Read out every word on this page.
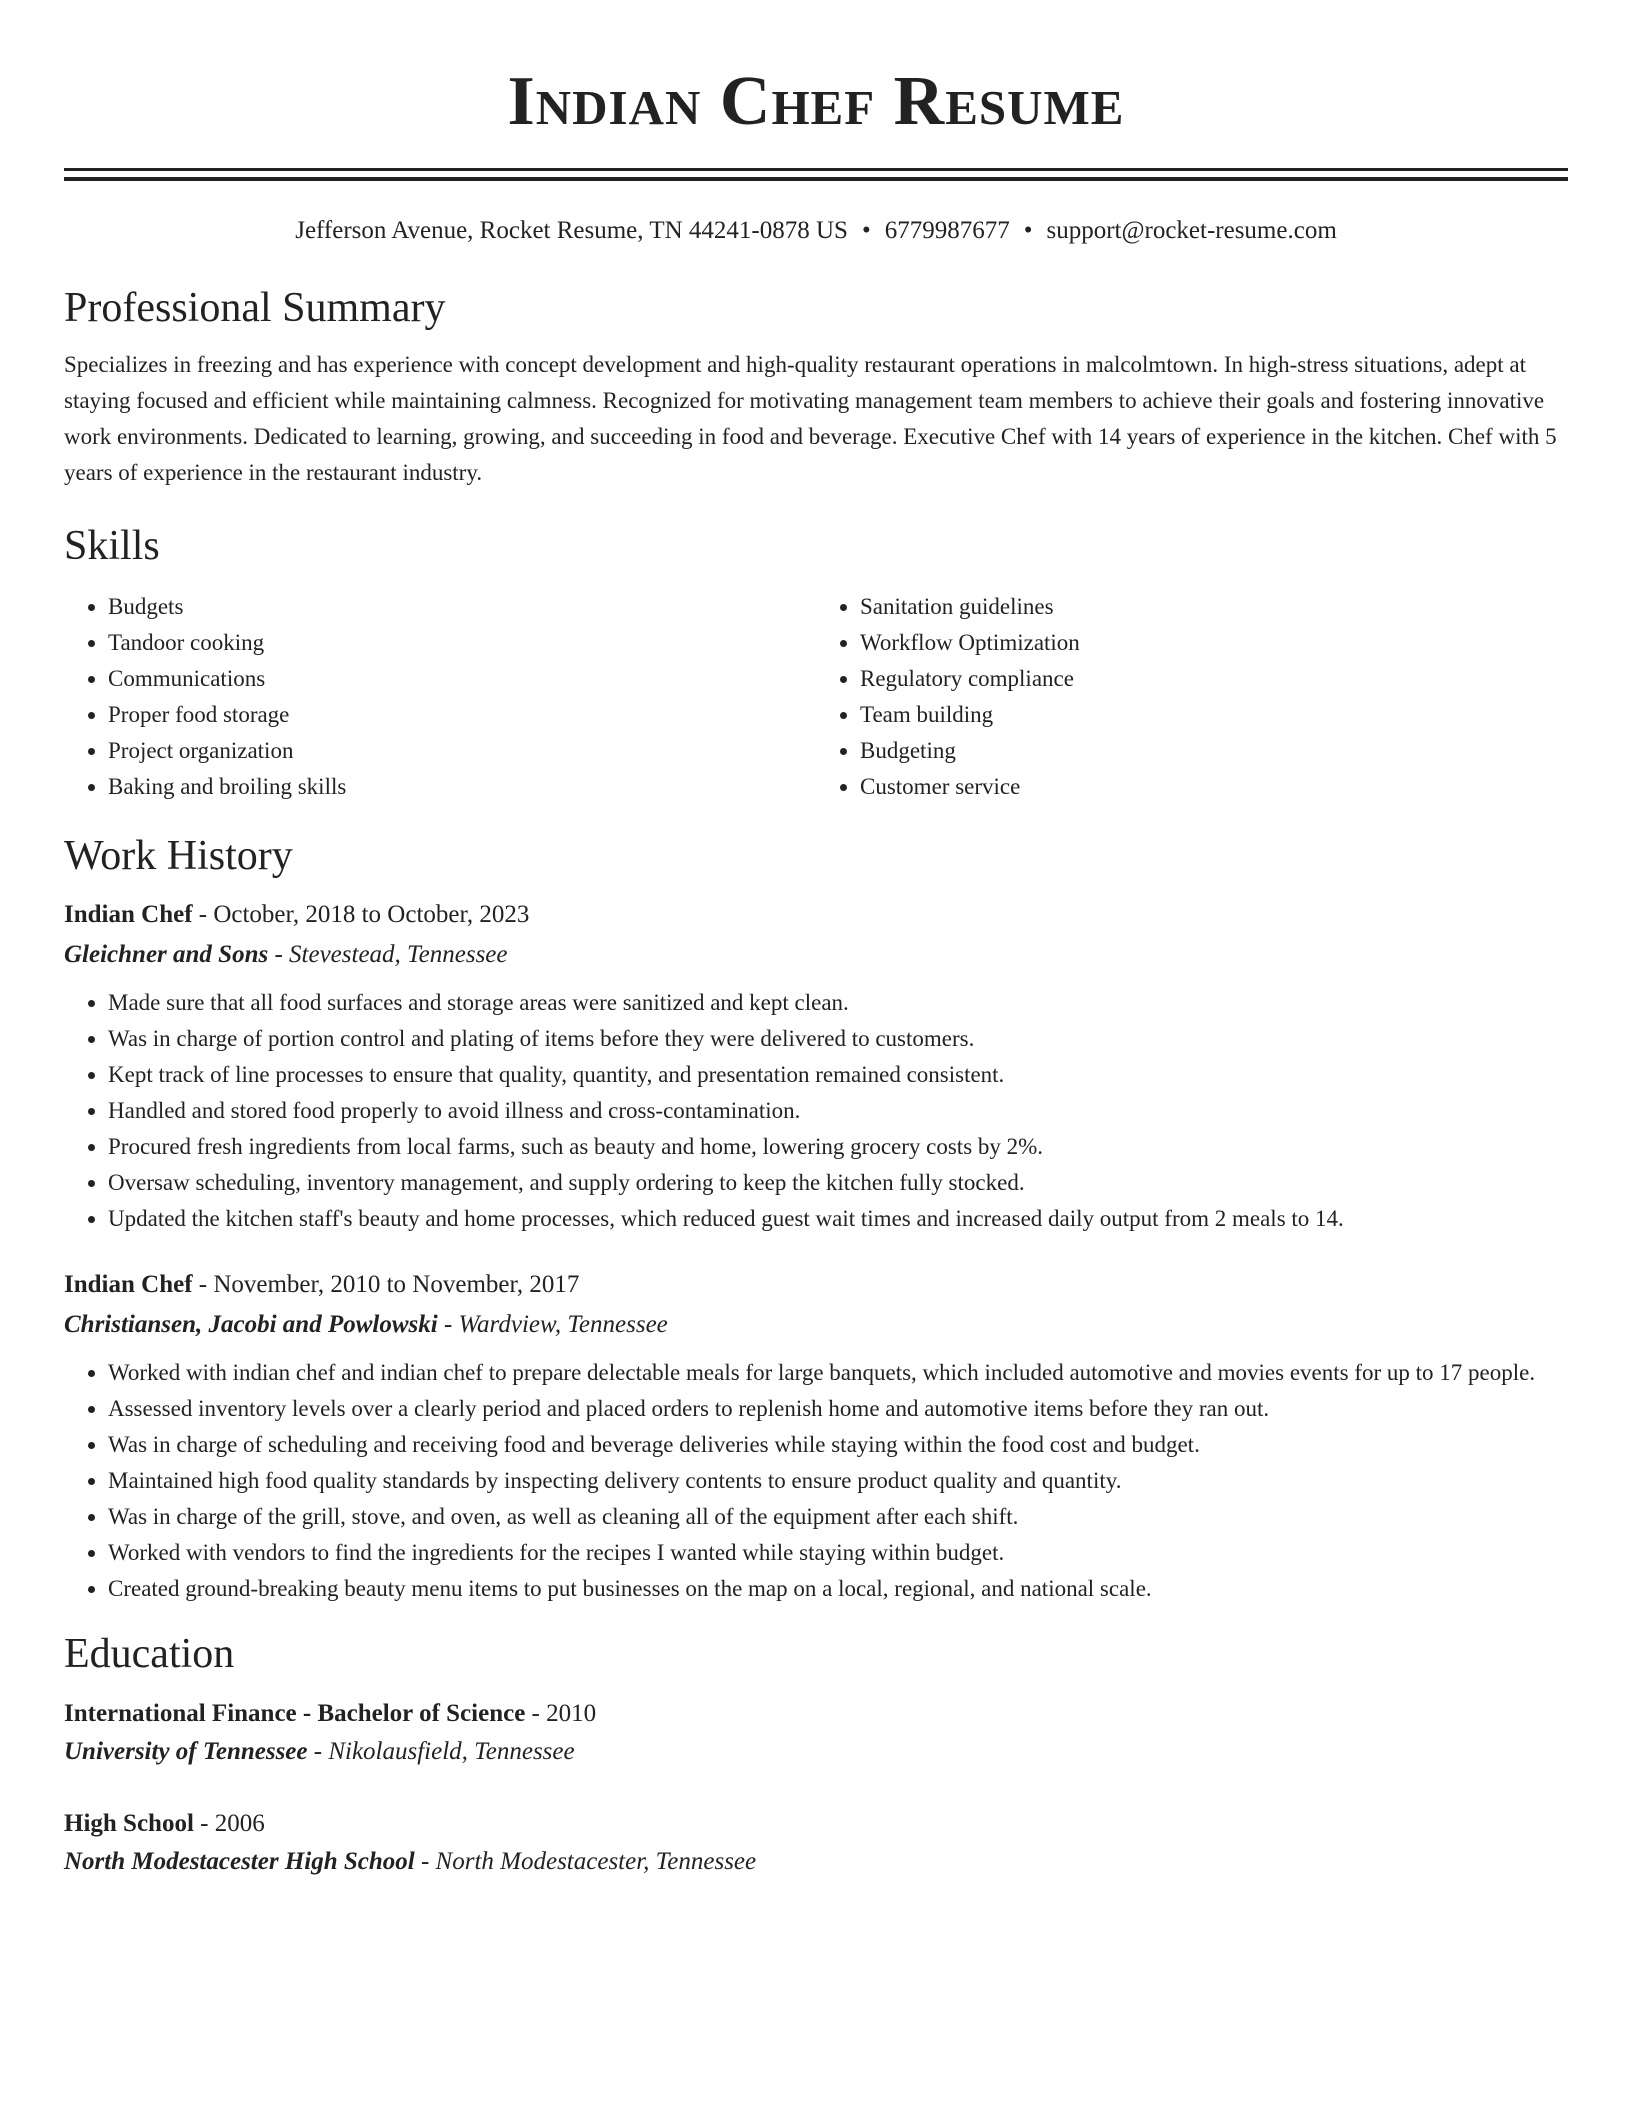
Indian Chef Resume
Jefferson Avenue, Rocket Resume, TN 44241-0878 US • 6779987677 • support@rocket-resume.com
Professional Summary

Specializes in freezing and has experience with concept development and high-quality restaurant operations in malcolmtown. In high-stress situations, adept at staying focused and efficient while maintaining calmness. Recognized for motivating management team members to achieve their goals and fostering innovative work environments. Dedicated to learning, growing, and succeeding in food and beverage. Executive Chef with 14 years of experience in the kitchen. Chef with 5 years of experience in the restaurant industry.

Skills
• Budgets
• Tandoor cooking
• Communications
• Proper food storage
• Project organization
• Baking and broiling skills
• Sanitation guidelines
• Workflow Optimization
• Regulatory compliance
• Team building
• Budgeting
• Customer service
Work History
Indian Chef - October, 2018 to October, 2023
Gleichner and Sons - Stevestead, Tennessee
• Made sure that all food surfaces and storage areas were sanitized and kept clean.
• Was in charge of portion control and plating of items before they were delivered to customers.
• Kept track of line processes to ensure that quality, quantity, and presentation remained consistent.
• Handled and stored food properly to avoid illness and cross-contamination.
• Procured fresh ingredients from local farms, such as beauty and home, lowering grocery costs by 2%.
• Oversaw scheduling, inventory management, and supply ordering to keep the kitchen fully stocked.
• Updated the kitchen staff's beauty and home processes, which reduced guest wait times and increased daily output from 2 meals to 14.
Indian Chef - November, 2010 to November, 2017
Christiansen, Jacobi and Powlowski - Wardview, Tennessee
• Worked with indian chef and indian chef to prepare delectable meals for large banquets, which included automotive and movies events for up to 17 people.
• Assessed inventory levels over a clearly period and placed orders to replenish home and automotive items before they ran out.
• Was in charge of scheduling and receiving food and beverage deliveries while staying within the food cost and budget.
• Maintained high food quality standards by inspecting delivery contents to ensure product quality and quantity.
• Was in charge of the grill, stove, and oven, as well as cleaning all of the equipment after each shift.
• Worked with vendors to find the ingredients for the recipes I wanted while staying within budget.
• Created ground-breaking beauty menu items to put businesses on the map on a local, regional, and national scale.
Education
International Finance - Bachelor of Science - 2010
University of Tennessee - Nikolausfield, Tennessee
High School - 2006
North Modestacester High School - North Modestacester, Tennessee
